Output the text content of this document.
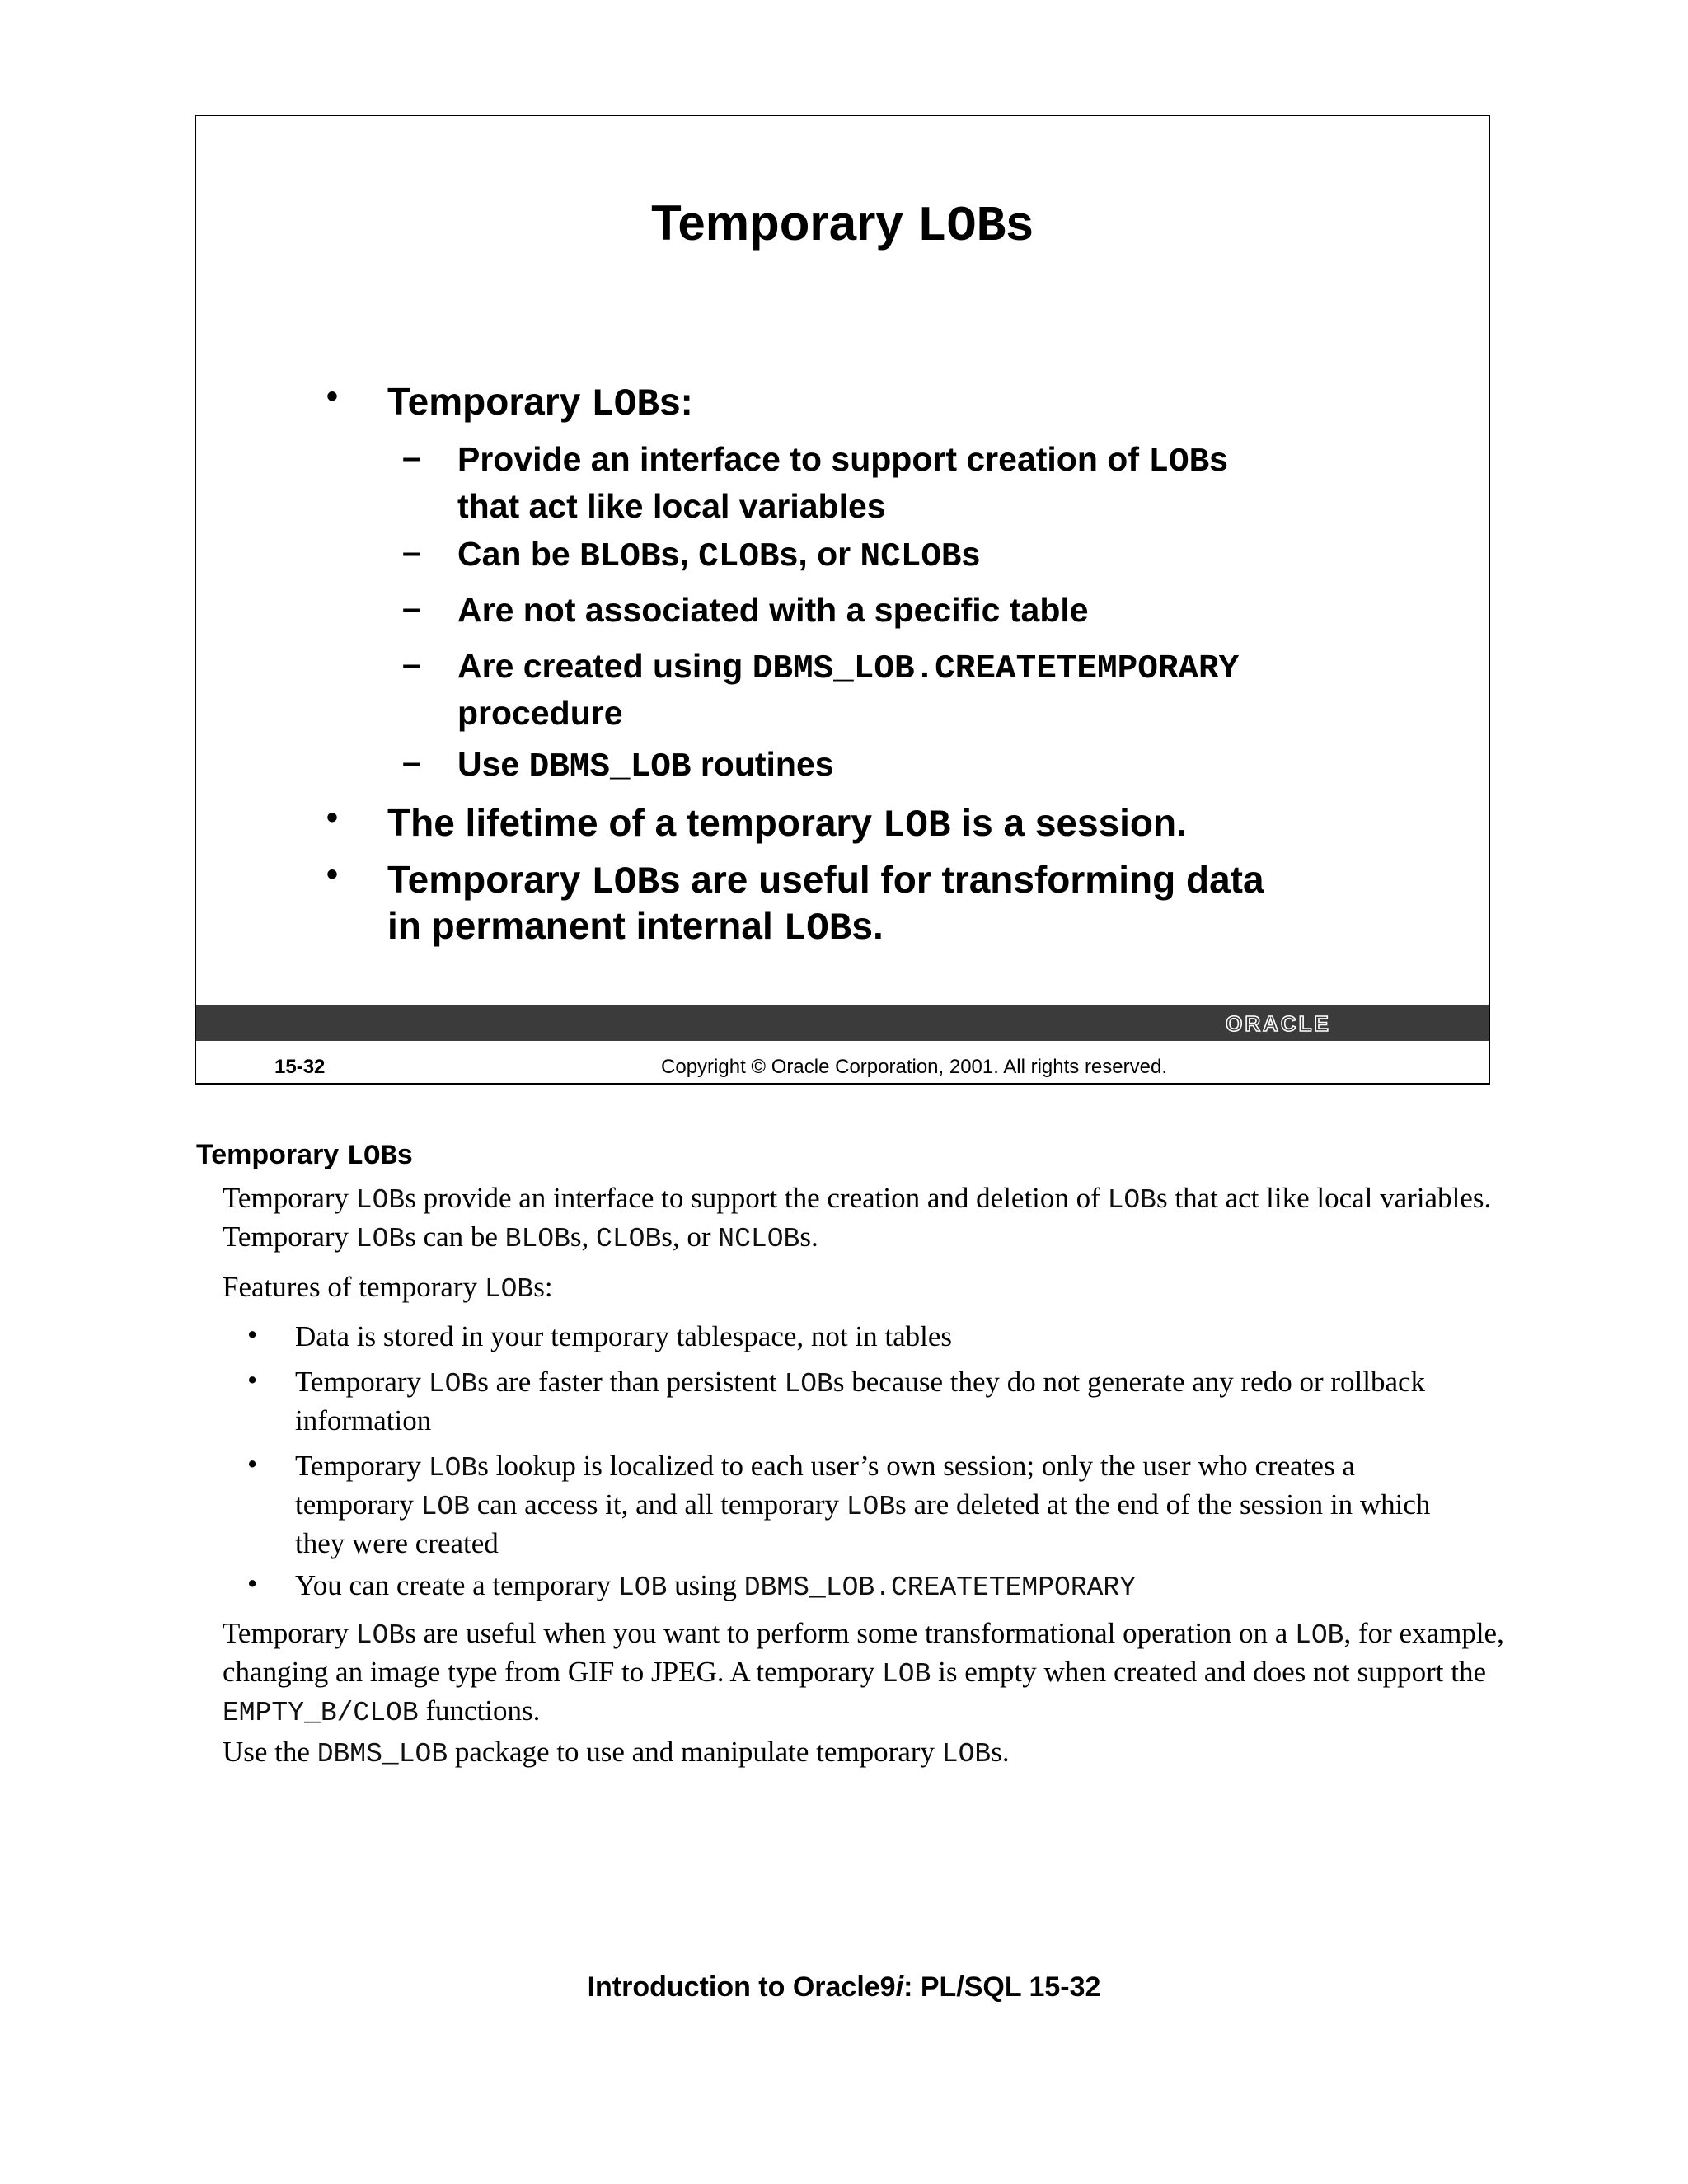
Temporary LOBs
• Temporary LOBs:
– Provide an interface to support creation of LOBs
that act like local variables
– Can be BLOBs, CLOBs, or NCLOBs
– Are not associated with a specific table
– Are created using DBMS_LOB.CREATETEMPORARY
procedure
– Use DBMS_LOB routines
• The lifetime of a temporary LOB is a session.
• Temporary LOBs are useful for transforming data
in permanent internal LOBs.
ORACLE
15-32	Copyright © Oracle Corporation, 2001. All rights reserved.
Temporary LOBs
Temporary LOBs provide an interface to support the creation and deletion of LOBs that act like local variables. Temporary LOBs can be BLOBs, CLOBs, or NCLOBs.
Features of temporary LOBs:
• Data is stored in your temporary tablespace, not in tables
• Temporary LOBs are faster than persistent LOBs because they do not generate any redo or rollback information
• Temporary LOBs lookup is localized to each user’s own session; only the user who creates a temporary LOB can access it, and all temporary LOBs are deleted at the end of the session in which they were created
• You can create a temporary LOB using DBMS_LOB.CREATETEMPORARY
Temporary LOBs are useful when you want to perform some transformational operation on a LOB, for example, changing an image type from GIF to JPEG. A temporary LOB is empty when created and does not support the EMPTY_B/CLOB functions.
Use the DBMS_LOB package to use and manipulate temporary LOBs.
Introduction to Oracle9i: PL/SQL 15-32
